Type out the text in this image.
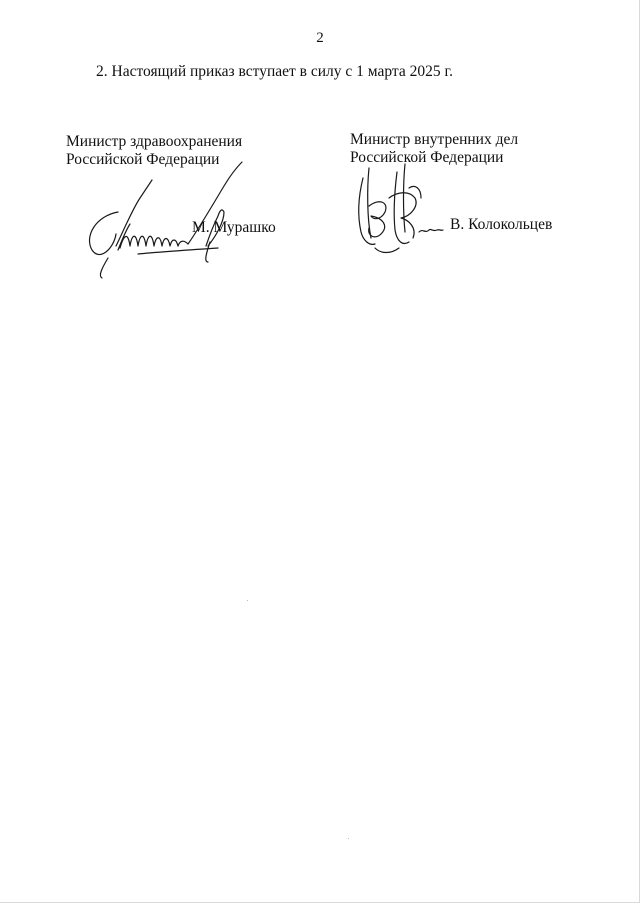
2
2. Настоящий приказ вступает в силу с 1 марта 2025 г.
Министр здравоохранения
Российской Федерации
М. Мурашко
Министр внутренних дел
Российской Федерации
В. Колокольцев
